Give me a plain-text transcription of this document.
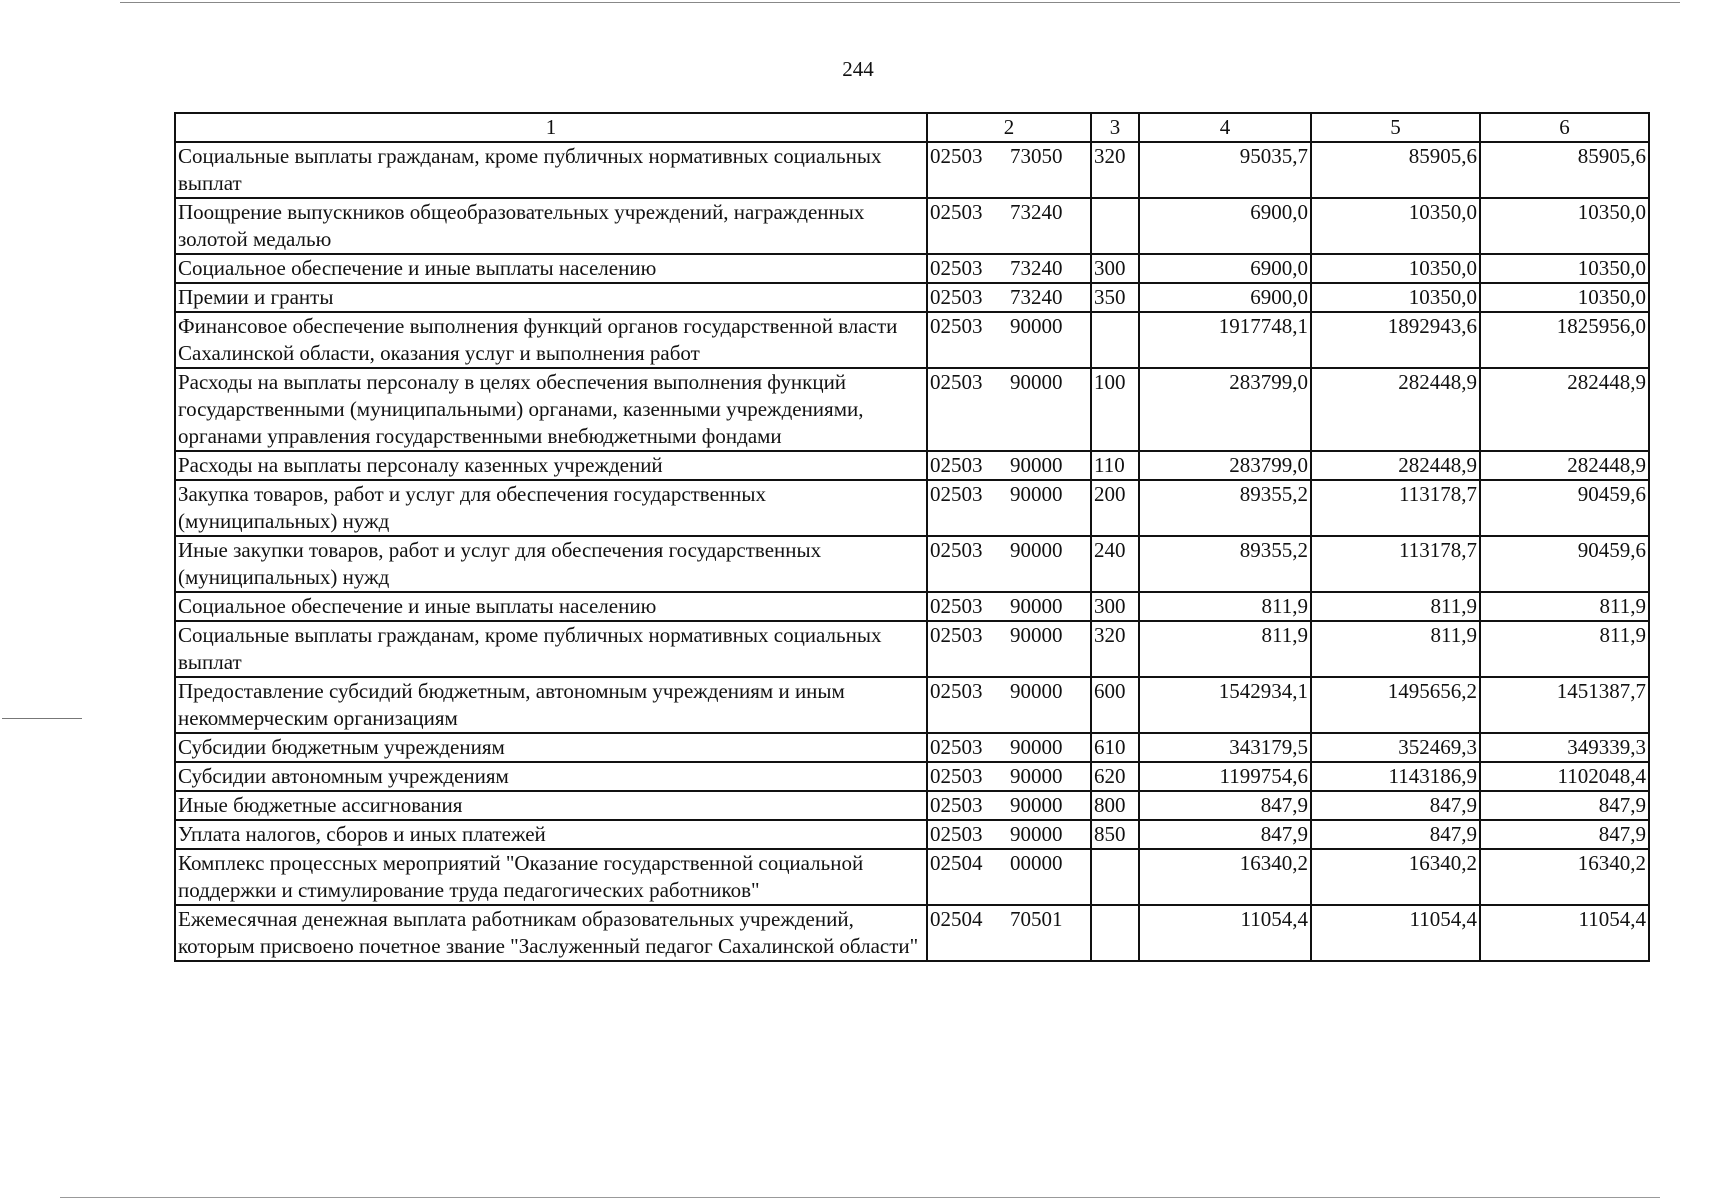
244
1	2	3	4	5	6
Социальные выплаты гражданам, кроме публичных нормативных социальных выплат	02503 73050	320	95035,7	85905,6	85905,6
Поощрение выпускников общеобразовательных учреждений, награжденных золотой медалью	02503 73240		6900,0	10350,0	10350,0
Социальное обеспечение и иные выплаты населению	02503 73240	300	6900,0	10350,0	10350,0
Премии и гранты	02503 73240	350	6900,0	10350,0	10350,0
Финансовое обеспечение выполнения функций органов государственной власти Сахалинской области, оказания услуг и выполнения работ	02503 90000		1917748,1	1892943,6	1825956,0
Расходы на выплаты персоналу в целях обеспечения выполнения функций государственными (муниципальными) органами, казенными учреждениями, органами управления государственными внебюджетными фондами	02503 90000	100	283799,0	282448,9	282448,9
Расходы на выплаты персоналу казенных учреждений	02503 90000	110	283799,0	282448,9	282448,9
Закупка товаров, работ и услуг для обеспечения государственных (муниципальных) нужд	02503 90000	200	89355,2	113178,7	90459,6
Иные закупки товаров, работ и услуг для обеспечения государственных (муниципальных) нужд	02503 90000	240	89355,2	113178,7	90459,6
Социальное обеспечение и иные выплаты населению	02503 90000	300	811,9	811,9	811,9
Социальные выплаты гражданам, кроме публичных нормативных социальных выплат	02503 90000	320	811,9	811,9	811,9
Предоставление субсидий бюджетным, автономным учреждениям и иным некоммерческим организациям	02503 90000	600	1542934,1	1495656,2	1451387,7
Субсидии бюджетным учреждениям	02503 90000	610	343179,5	352469,3	349339,3
Субсидии автономным учреждениям	02503 90000	620	1199754,6	1143186,9	1102048,4
Иные бюджетные ассигнования	02503 90000	800	847,9	847,9	847,9
Уплата налогов, сборов и иных платежей	02503 90000	850	847,9	847,9	847,9
Комплекс процессных мероприятий "Оказание государственной социальной поддержки и стимулирование труда педагогических работников"	02504 00000		16340,2	16340,2	16340,2
Ежемесячная денежная выплата работникам образовательных учреждений, которым присвоено почетное звание "Заслуженный педагог Сахалинской области"	02504 70501		11054,4	11054,4	11054,4
